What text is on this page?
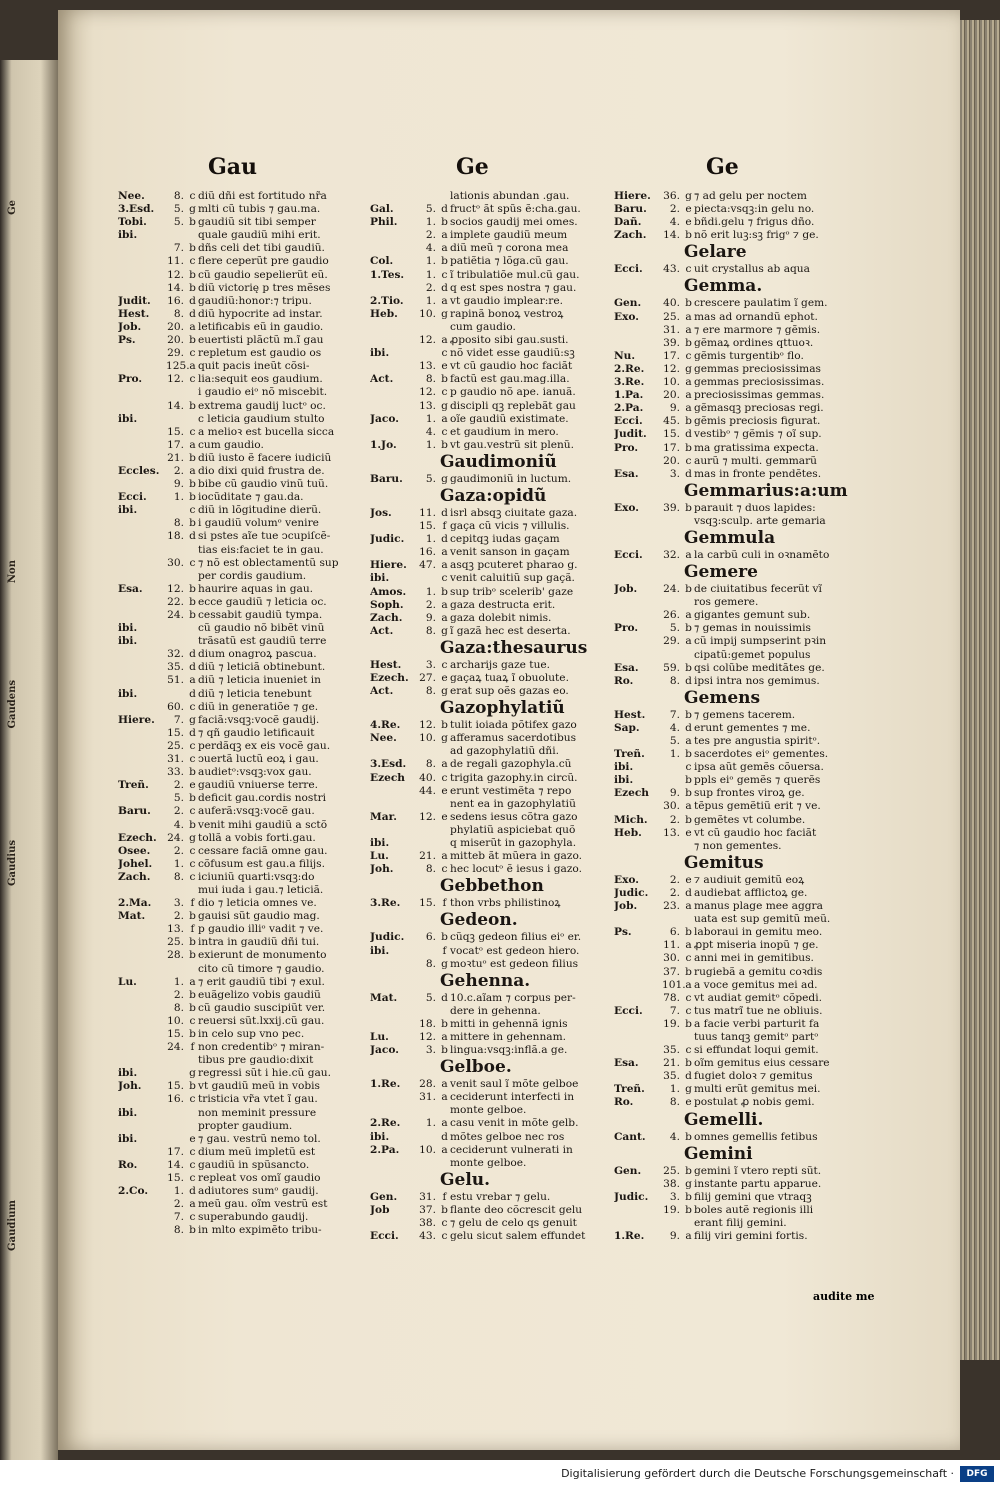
Ge
Non
Gaudens
Gaudius
Gaudium
Gau	Ge	Ge
Nee.	8. c diũ dñi est fortitudo nr̃a
3.Esd.	5. g mlti cũ tubis ⁊ gau.ma.
Tobi.	5. b gaudiũ sit tibi semper
ibi.	quale gaudiũ mihi erit.
7. b dñs celi det tibi gaudiũ.
11. c flere ceperũt pre gaudio
12. b cũ gaudio sepelierũt eũ.
14. b diũ victorię p tres mẽses
Judit.	16. d gaudiũ:honor:⁊ tripu.
Hest.	8. d diũ hypocrite ad instar.
Job.	20. a letificabis eũ in gaudio.
Ps.	20. b euertisti plãctũ m.ĩ gau
29. c repletum est gaudio os
125. a quit pacis ineũt cõsi-
Pro.	12. c lia:sequit eos gaudium.
i gaudio eiᵒ nõ miscebit.
14. b extrema gaudij luctᵒ oc.
ibi.	c leticia gaudium stulto
15. c a melioꝛ est bucella sicca
17. a cum gaudio.
21. b diũ iusto ẽ facere iudiciũ
Eccles.	2. a dio dixi quid frustra de.
9. b bibe cũ gaudio vinũ tuũ.
Ecci.	1. b iocũditate ⁊ gau.da.
ibi.	c diũ in lõgitudine dierũ.
8. b i gaudiũ volumᵒ venire
18. d si pstes aĩe tue ↄcupiſcẽ-
tias eis:faciet te in gau.
30. c ⁊ nõ est oblectamentũ sup
per cordis gaudium.
Esa.	12. b haurire aquas in gau.
22. b ecce gaudiũ ⁊ leticia oc.
24. b cessabit gaudiũ tympa.
ibi.	cũ gaudio nõ bibẽt vinũ
ibi.	trãsatũ est gaudiũ terre
32. d dium onagroꝝ pascua.
35. d diũ ⁊ leticiã obtinebunt.
51. a diũ ⁊ leticia inueniet in
ibi.	d diũ ⁊ leticia tenebunt
60. c diũ in generatiõe ⁊ ge.
Hiere.	7. g faciã:vsqꝫ:vocẽ gaudij.
15. d ⁊ qñ gaudio letificauit
25. c perdãqꝫ ex eis vocẽ gau.
31. c ↄuertã luctũ eoꝝ i gau.
33. b audietᵒ:vsqꝫ:vox gau.
Treñ.	2. e gaudiũ vniuerse terre.
5. b deficit gau.cordis nostri
Baru.	2. c auferã:vsqꝫ:vocẽ gau.
4. b venit mihi gaudiũ a sctõ
Ezech. 24. g tollã a vobis forti.gau.
Osee.	2. c cessare faciã omne gau.
Johel.	1. c cõfusum est gau.a filijs.
Zach.	8. c iciuniũ quarti:vsqꝫ:do
mui iuda i gau.⁊ leticiã.
2.Ma.	3. f dio ⁊ leticia omnes ve.
Mat.	2. b gauisi sũt gaudio mag.
13. f p gaudio illiᵒ vadit ⁊ ve.
25. b intra in gaudiũ dñi tui.
28. b exierunt de monumento
cito cũ timore ⁊ gaudio.
Lu.	1. a ⁊ erit gaudiũ tibi ⁊ exul.
2. b euãgelizo vobis gaudiũ
8. b cũ gaudio suscipiũt ver.
10. c reuersi sũt.lxxij.cũ gau.
15. b in celo sup vno pec.
24. f non credentibᵒ ⁊ miran-
tibus pre gaudio:dixit
ibi.	g regressi sũt i hie.cũ gau.
Joh.	15. b vt gaudiũ meũ in vobis
16. c tristicia vr̃a vtet ĩ gau.
ibi.	non meminit pressure
propter gaudium.
ibi.	e ⁊ gau. vestrũ nemo tol.
17. c dium meũ impletũ est
Ro.	14. c gaudiũ in spũsancto.
15. c repleat vos omĩ gaudio
2.Co.	1. d adiutores sumᵒ gaudij.
2. a meũ gau. oĩm vestrũ est
7. c superabundo gaudij.
8. b in mlto expimẽto tribu-
lationis abundan .gau.
Gal.	5. d fructᵒ ãt spũs ẽ:cha.gau.
Phil.	1. b socios gaudij mei omes.
2. a implete gaudiũ meum
4. a diũ meũ ⁊ corona mea
Col.	1. b patiẽtia ⁊ lõga.cũ gau.
1.Tes.	1. c ĩ tribulatiõe mul.cũ gau.
2. d q est spes nostra ⁊ gau.
2.Tio.	1. a vt gaudio implear:re.
Heb.	10. g rapinã bonoꝝ vestroꝝ
cum gaudio.
12. a ꝓposito sibi gau.susti.
ibi.	c nõ videt esse gaudiũ:sꝫ
13. e vt cũ gaudio hoc faciãt
Act.	8. b factũ est gau.mag.illa.
12. c p gaudio nõ ape. ianuã.
13. g discipli qꝫ replebãt gau
Jaco.	1. a oĩe gaudiũ existimate.
4. c et gaudium in mero.
1.Jo.	1. b vt gau.vestrũ sit plenũ.
Gaudimoniũ
Baru.	5. g gaudimoniũ in luctum.
Gaza:opidũ
Jos.	11. d isrl absqꝫ ciuitate gaza.
15. f gaça cũ vicis ⁊ villulis.
Judic.	1. d cepitqꝫ iudas gaçam
16. a venit sanson in gaçam
Hiere.	47. a asqꝫ pcuteret pharao g.
ibi.	c venit caluitiũ sup gaçã.
Amos.	1. b sup tribᵒ scelerib' gaze
Soph.	2. a gaza destructa erit.
Zach.	9. a gaza dolebit nimis.
Act.	8. g ĩ gazã hec est deserta.
Gaza:thesaurus
Hest.	3. c archarijs gaze tue.
Ezech. 27. e gaçaꝝ tuaꝝ ĩ obuolute.
Act.	8. g erat sup oẽs gazas eo.
Gazophylatiũ
4.Re.	12. b tulit ioiada põtifex gazo
Nee.	10. g afferamus sacerdotibus
ad gazophylatiũ dñi.
3.Esd.	8. a de regali gazophyla.cũ
Ezech	40. c trigita gazophy.in circũ.
44. e erunt vestimẽta ⁊ repo
nent ea in gazophylatiũ
Mar.	12. e sedens iesus cõtra gazo
phylatiũ aspiciebat quõ
ibi.	q miserũt in gazophyla.
Lu.	21. a mitteb ãt mũera in gazo.
Joh.	8. c hec locutᵒ ẽ iesus i gazo.
Gebbethon
3.Re.	15. f thon vrbs philistinoꝝ
Gedeon.
Judic.	6. b cũqꝫ gedeon filius eiᵒ er.
ibi.	f vocatᵒ est gedeon hiero.
8. g moꝛtuᵒ est gedeon filius
Gehenna.
Mat.	5. d 10.c.aĩam ⁊ corpus per-
dere in gehenna.
18. b mitti in gehennã ignis
Lu.	12. a mittere in gehennam.
Jaco.	3. b lingua:vsqꝫ:inflã.a ge.
Gelboe.
1.Re.	28. a venit saul ĩ mõte gelboe
31. a ceciderunt interfecti in
monte gelboe.
2.Re.	1. a casu venit in mõte gelb.
ibi.	d mõtes gelboe nec ros
2.Pa.	10. a ceciderunt vulnerati in
monte gelboe.
Gelu.
Gen.	31. f estu vrebar ⁊ gelu.
Job	37. b flante deo cõcrescit gelu
38. c ⁊ gelu de celo qs genuit
Ecci.	43. c gelu sicut salem effundet
Hiere.	36. g ⁊ ad gelu per noctem
Baru.	2. e piecta:vsqꝫ:in gelu no.
Dañ.	4. e bñdi.gelu ⁊ frigus dño.
Zach.	14. b nõ erit luꝫ:sꝫ frigᵒ ⁊ ge.
Gelare
Ecci.	43. c uit crystallus ab aqua
Gemma.
Gen.	40. b crescere paulatim ĩ gem.
Exo.	25. a mas ad ornandũ ephot.
31. a ⁊ ere marmore ⁊ gẽmis.
39. b gẽmaꝝ ordines qttuoꝛ.
Nu.	17. c gẽmis turgentibᵒ flo.
2.Re.	12. g gemmas preciosissimas
3.Re.	10. a gemmas preciosissimas.
1.Pa.	20. a preciosissimas gemmas.
2.Pa.	9. a gẽmasqꝫ preciosas regi.
Ecci.	45. b gẽmis preciosis figurat.
Judit.	15. d vestibᵒ ⁊ gẽmis ⁊ oĩ sup.
Pro.	17. b ma gratissima expecta.
20. c aurũ ⁊ multi. gemmarũ
Esa.	3. d mas in fronte pendẽtes.
Gemmarius:a:um
Exo.	39. b parauit ⁊ duos lapides:
vsqꝫ:sculp. arte gemaria
Gemmula
Ecci.	32. a la carbũ culi in oꝛnamẽto
Gemere
Job.	24. b de ciuitatibus fecerũt vĩ
ros gemere.
26. a gigantes gemunt sub.
Pro.	5. b ⁊ gemas in nouissimis
29. a cũ impij sumpserint pꝛin
cipatũ:gemet populus
Esa.	59. b qsi colũbe meditãtes ge.
Ro.	8. d ipsi intra nos gemimus.
Gemens
Hest.	7. b ⁊ gemens tacerem.
Sap.	4. d erunt gementes ⁊ me.
5. a tes pre angustia spiritᵒ.
Treñ.	1. b sacerdotes eiᵒ gementes.
ibi.	c ipsa aũt gemẽs cõuersa.
ibi.	b ppls eiᵒ gemẽs ⁊ querẽs
Ezech	9. b sup frontes viroꝝ ge.
30. a tẽpus gemẽtiũ erit ⁊ ve.
Mich.	2. b gemẽtes vt columbe.
Heb.	13. e vt cũ gaudio hoc faciãt
⁊ non gementes.
Gemitus
Exo.	2. e ⁊ audiuit gemitũ eoꝝ
Judic.	2. d audiebat afflictoꝝ ge.
Job.	23. a manus plage mee aggra
uata est sup gemitũ meũ.
Ps.	6. b laboraui in gemitu meo.
11. a ꝓpt miseria inopũ ⁊ ge.
30. c anni mei in gemitibus.
37. b rugiebã a gemitu coꝛdis
101. a a voce gemitus mei ad.
78. c vt audiat gemitᵒ cõpedi.
Ecci.	7. c tus matrĩ tue ne obliuis.
19. b a facie verbi parturit fa
tuus tanqꝫ gemitᵒ partᵒ
35. c si effundat loqui gemit.
Esa.	21. b oĩm gemitus eius cessare
35. d fugiet doloꝛ ⁊ gemitus
Treñ.	1. g multi erũt gemitus mei.
Ro.	8. e postulat ꝓ nobis gemi.
Gemelli.
Cant.	4. b omnes gemellis fetibus
Gemini
Gen.	25. b gemini ĩ vtero repti sũt.
38. g instante partu apparue.
Judic.	3. b filij gemini que vtraqꝫ
19. b boles autẽ regionis illi
erant filij gemini.
1.Re.	9. a filij viri gemini fortis.
audite me
Digitalisierung gefördert durch die Deutsche Forschungsgemeinschaft ·	DFG
